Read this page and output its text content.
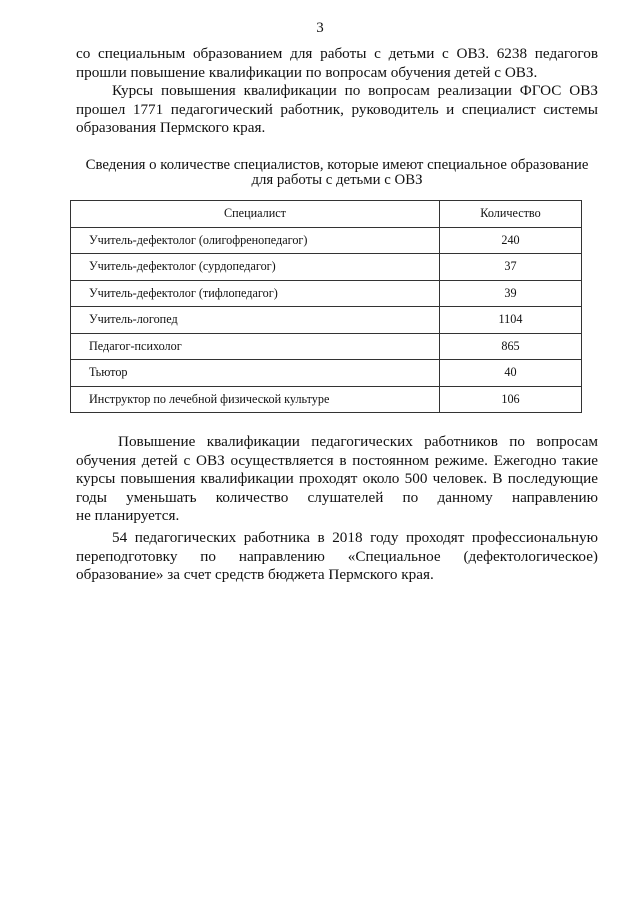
3
со специальным образованием для работы с детьми с ОВЗ. 6238 педагогов
прошли повышение квалификации по вопросам обучения детей с ОВЗ.
Курсы повышения квалификации по вопросам реализации ФГОС ОВЗ
прошел 1771 педагогический работник, руководитель и специалист системы
образования Пермского края.
Сведения о количестве специалистов, которые имеют специальное образование
для работы с детьми с ОВЗ
Специалист	Количество
Учитель-дефектолог (олигофренопедагог)	240
Учитель-дефектолог (сурдопедагог)	37
Учитель-дефектолог (тифлопедагог)	39
Учитель-логопед	1104
Педагог-психолог	865
Тьютор	40
Инструктор по лечебной физической культуре	106
Повышение квалификации педагогических работников по вопросам
обучения детей с ОВЗ осуществляется в постоянном режиме. Ежегодно такие
курсы повышения квалификации проходят около 500 человек. В последующие
годы уменьшать количество слушателей по данному направлению
не планируется.
54 педагогических работника в 2018 году проходят профессиональную
переподготовку по направлению «Специальное (дефектологическое)
образование» за счет средств бюджета Пермского края.
